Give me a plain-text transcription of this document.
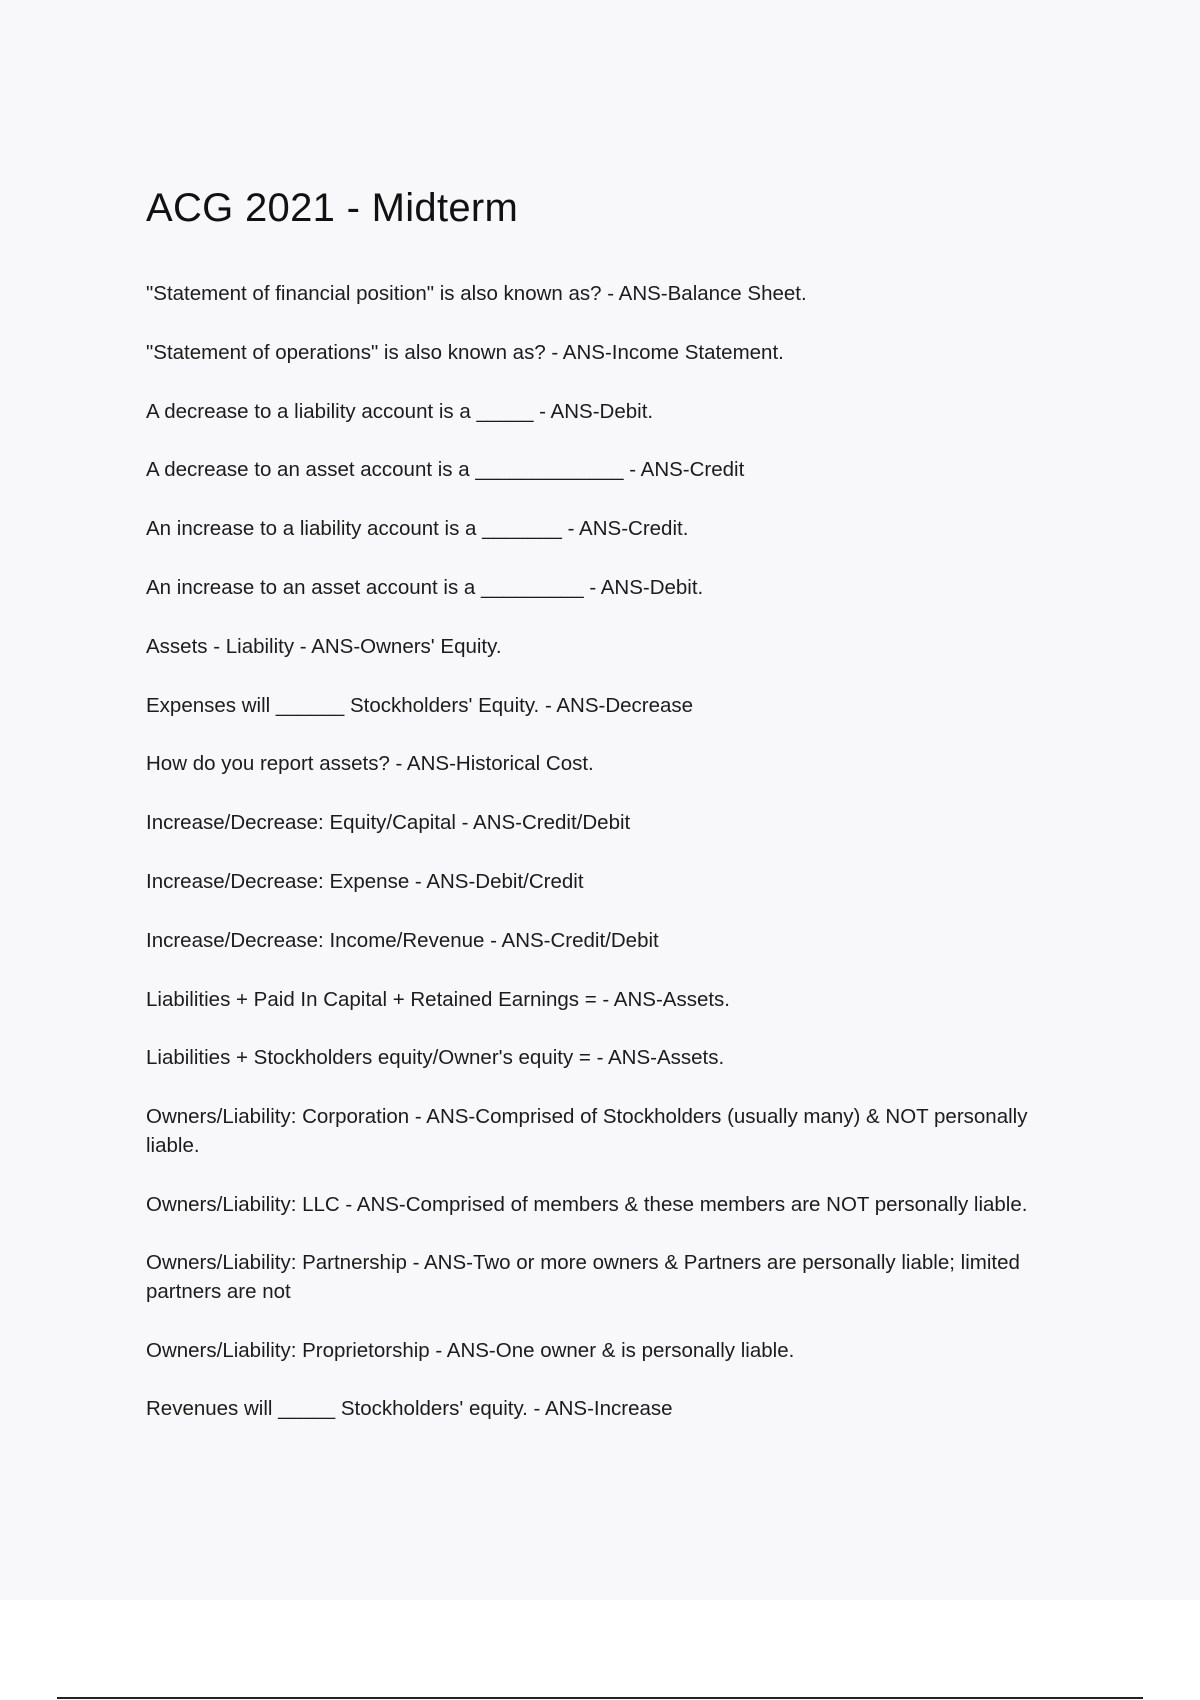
ACG 2021 - Midterm
"Statement of financial position" is also known as? - ANS-Balance Sheet.
"Statement of operations" is also known as? - ANS-Income Statement.
A decrease to a liability account is a _____ - ANS-Debit.
A decrease to an asset account is a _____________ - ANS-Credit
An increase to a liability account is a _______ - ANS-Credit.
An increase to an asset account is a _________ - ANS-Debit.
Assets - Liability - ANS-Owners' Equity.
Expenses will ______ Stockholders' Equity. - ANS-Decrease
How do you report assets? - ANS-Historical Cost.
Increase/Decrease: Equity/Capital - ANS-Credit/Debit
Increase/Decrease: Expense - ANS-Debit/Credit
Increase/Decrease: Income/Revenue - ANS-Credit/Debit
Liabilities + Paid In Capital + Retained Earnings = - ANS-Assets.
Liabilities + Stockholders equity/Owner's equity = - ANS-Assets.
Owners/Liability: Corporation - ANS-Comprised of Stockholders (usually many) & NOT personally liable.
Owners/Liability: LLC - ANS-Comprised of members & these members are NOT personally liable.
Owners/Liability: Partnership - ANS-Two or more owners & Partners are personally liable; limited partners are not
Owners/Liability: Proprietorship - ANS-One owner & is personally liable.
Revenues will _____ Stockholders' equity. - ANS-Increase
